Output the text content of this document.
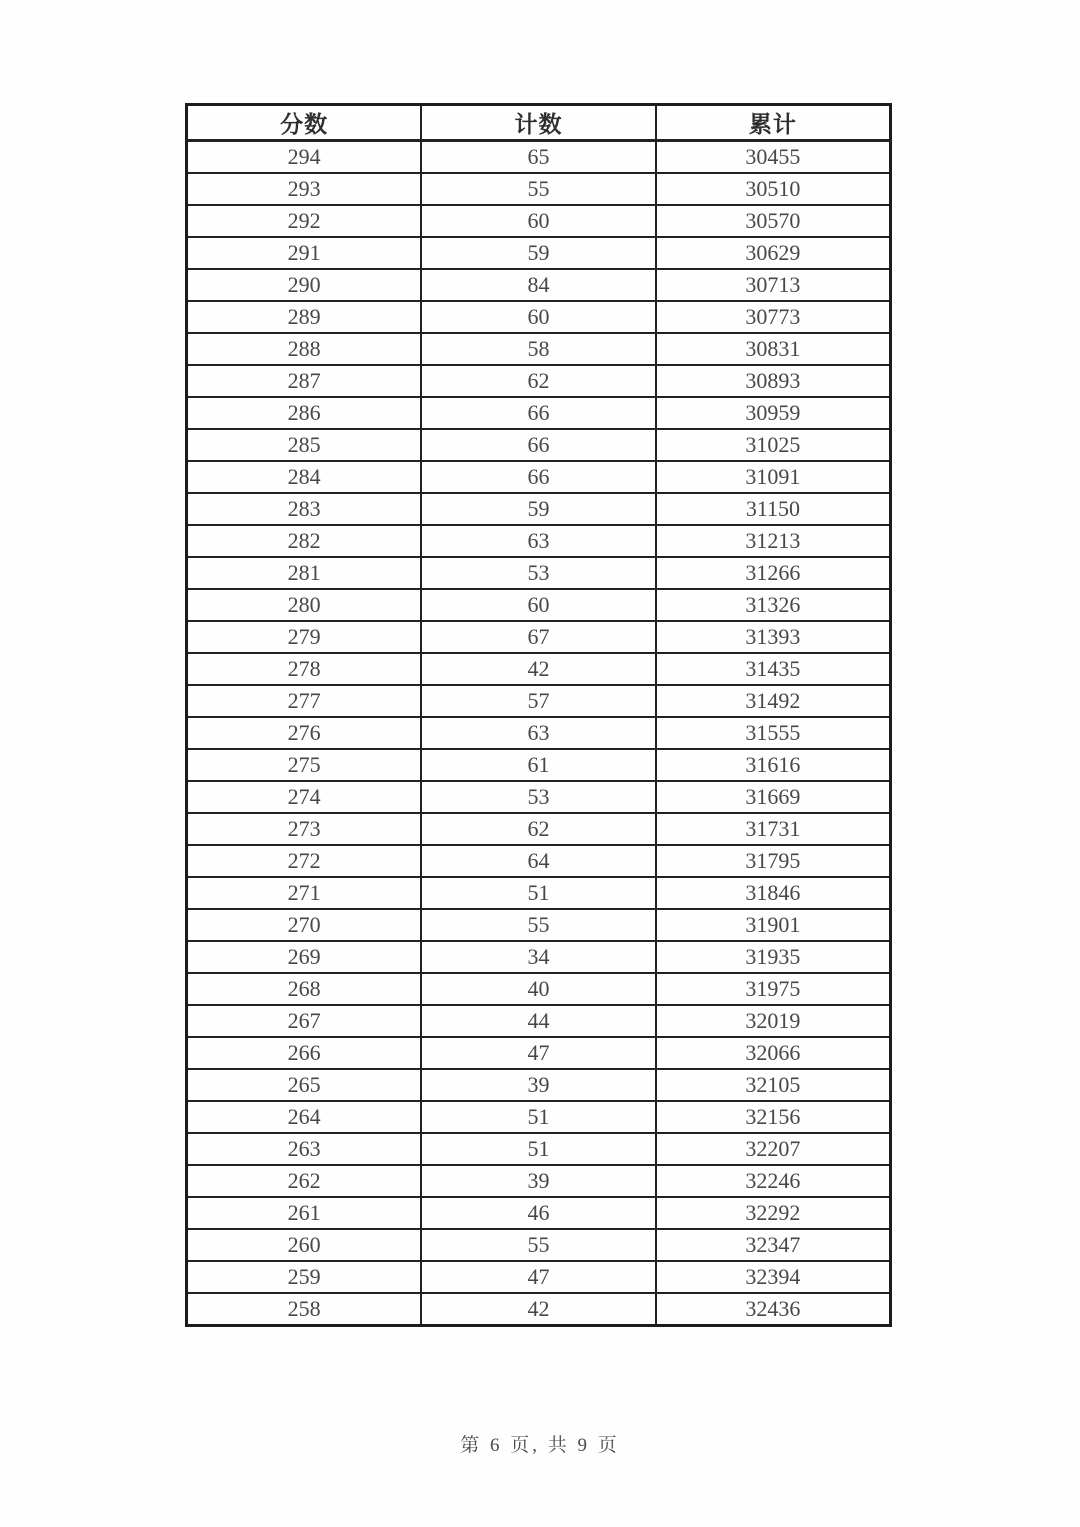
分数	计数	累计
294	65	30455
293	55	30510
292	60	30570
291	59	30629
290	84	30713
289	60	30773
288	58	30831
287	62	30893
286	66	30959
285	66	31025
284	66	31091
283	59	31150
282	63	31213
281	53	31266
280	60	31326
279	67	31393
278	42	31435
277	57	31492
276	63	31555
275	61	31616
274	53	31669
273	62	31731
272	64	31795
271	51	31846
270	55	31901
269	34	31935
268	40	31975
267	44	32019
266	47	32066
265	39	32105
264	51	32156
263	51	32207
262	39	32246
261	46	32292
260	55	32347
259	47	32394
258	42	32436
第 6 页, 共 9 页
